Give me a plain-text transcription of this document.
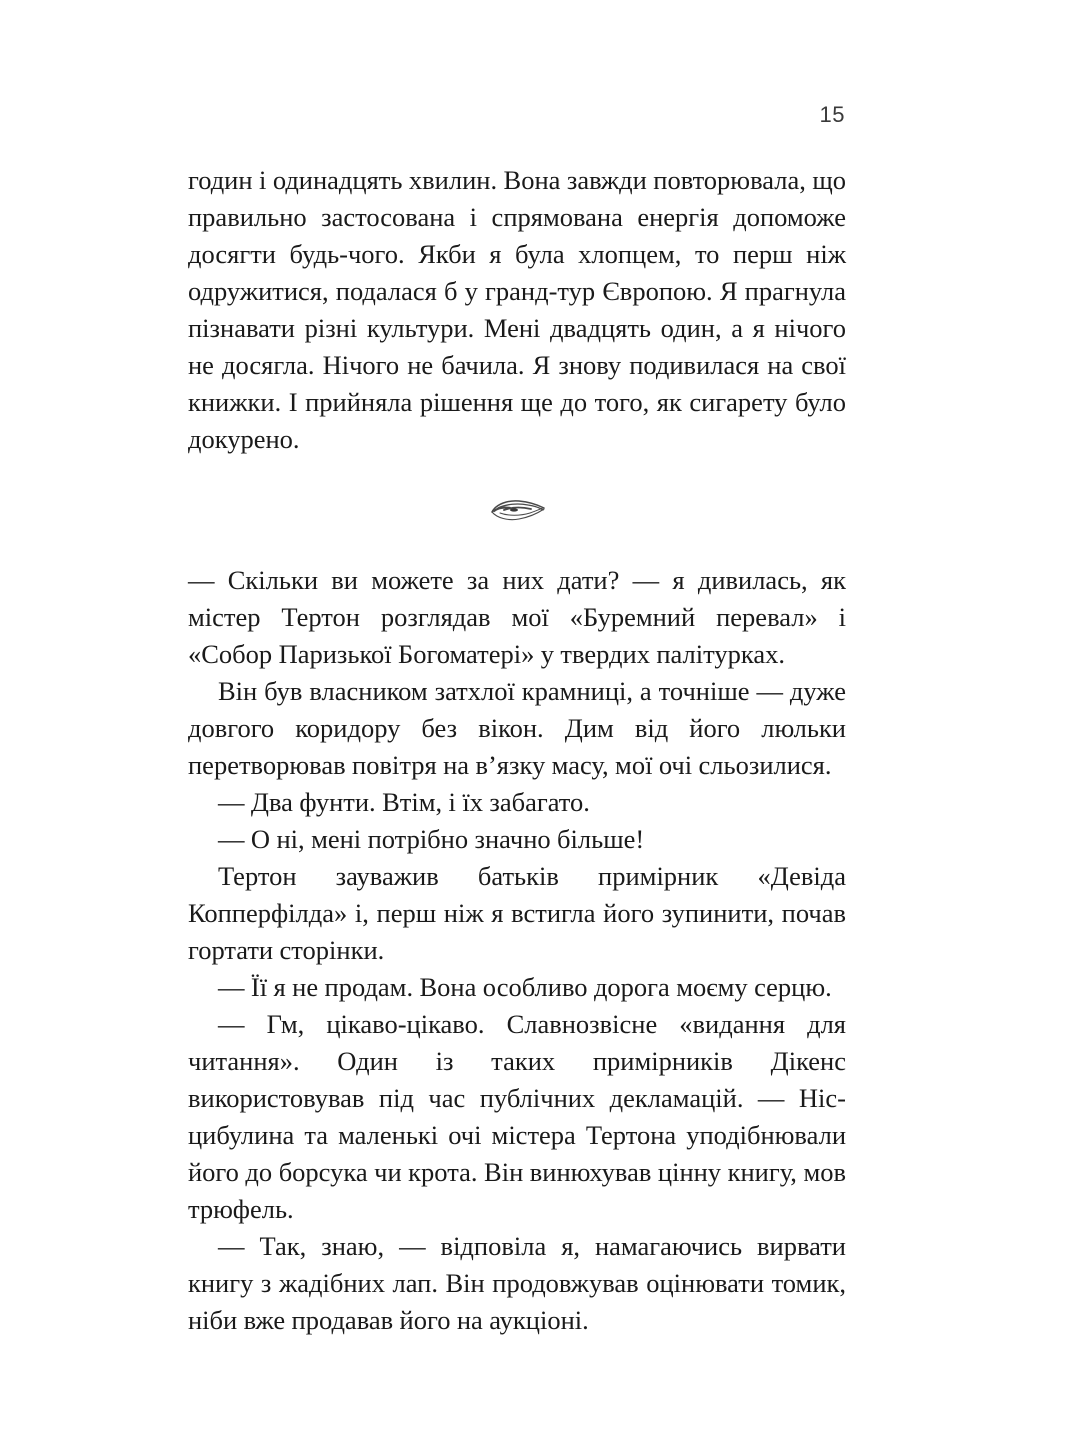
15

годин і одинадцять хвилин. Вона завжди повторювала, що правильно застосована і спрямована енергія допоможе досягти будь-чого. Якби я була хлопцем, то перш ніж одружитися, подалася б у гранд-тур Європою. Я прагнула пізнавати різні культури. Мені двадцять один, а я нічого не досягла. Нічого не бачила. Я знову подивилася на свої книжки. І прийняла рішення ще до того, як сигарету було докурено.

— Скільки ви можете за них дати? — я дивилась, як містер Тертон розглядав мої «Буремний перевал» і «Собор Паризької Богоматері» у твердих палітурках.

Він був власником затхлої крамниці, а точніше — дуже довгого коридору без вікон. Дим від його люльки перетворював повітря на в’язку масу, мої очі сльозилися.

— Два фунти. Втім, і їх забагато.

— О ні, мені потрібно значно більше!

Тертон зауважив батьків примірник «Девіда Копперфілда» і, перш ніж я встигла його зупинити, почав гортати сторінки.

— Її я не продам. Вона особливо дорога моєму серцю.

— Гм, цікаво-цікаво. Славнозвісне «видання для читання». Один із таких примірників Дікенс використовував під час публічних декламацій. — Ніс-цибулина та маленькі очі містера Тертона уподібнювали його до борсука чи крота. Він винюхував цінну книгу, мов трюфель.

— Так, знаю, — відповіла я, намагаючись вирвати книгу з жадібних лап. Він продовжував оцінювати томик, ніби вже продавав його на аукціоні.
